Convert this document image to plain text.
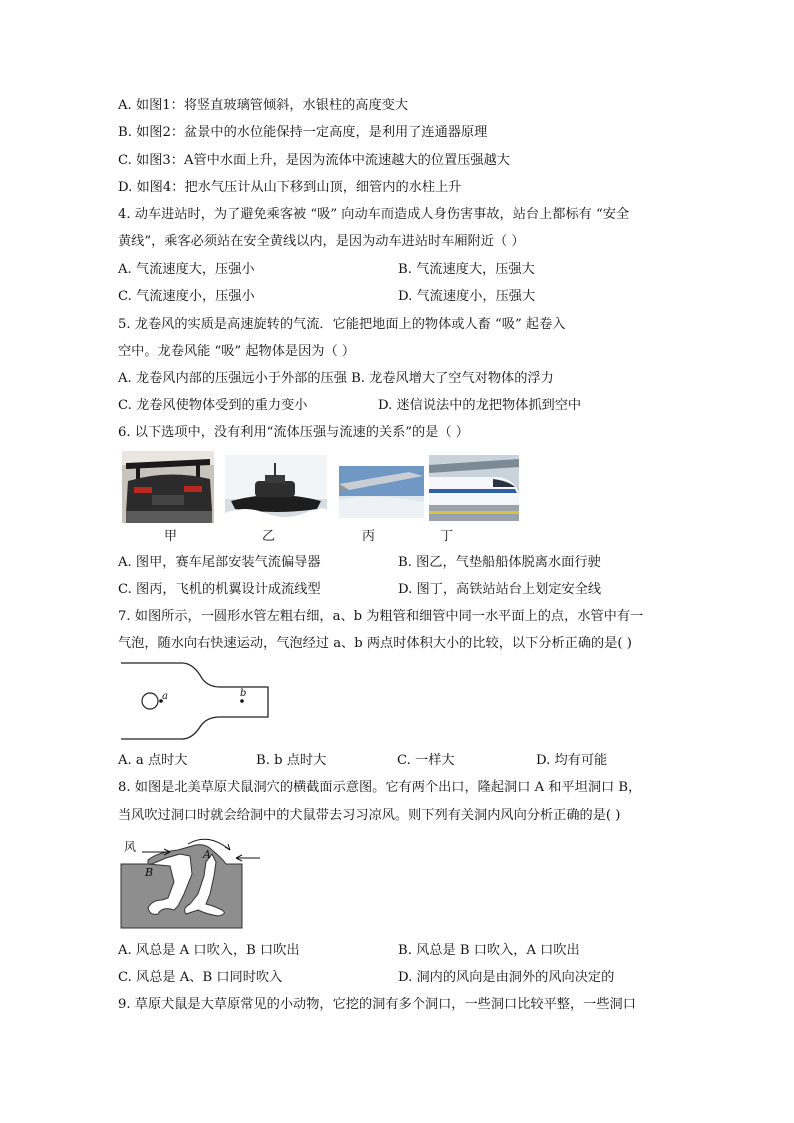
A. 如图1：将竖直玻璃管倾斜，水银柱的高度变大
B. 如图2：盆景中的水位能保持一定高度，是利用了连通器原理
C. 如图3：A管中水面上升，是因为流体中流速越大的位置压强越大
D. 如图4：把水气压计从山下移到山顶，细管内的水柱上升
4. 动车进站时，为了避免乘客被 “吸” 向动车而造成人身伤害事故，站台上都标有 “安全
黄线”，乘客必须站在安全黄线以内，是因为动车进站时车厢附近（ ）
A. 气流速度大，压强小	B. 气流速度大，压强大
C. 气流速度小，压强小	D. 气流速度小，压强大
5. 龙卷风的实质是高速旋转的气流．它能把地面上的物体或人畜 “吸” 起卷入
空中。龙卷风能 “吸” 起物体是因为（ ）
A. 龙卷风内部的压强远小于外部的压强 B. 龙卷风增大了空气对物体的浮力
C. 龙卷风使物体受到的重力变小	D. 迷信说法中的龙把物体抓到空中
6. 以下选项中，没有利用“流体压强与流速的关系”的是（ ）
甲	乙	丙	丁
A. 图甲，赛车尾部安装气流偏导器	B. 图乙，气垫船船体脱离水面行驶
C. 图丙，飞机的机翼设计成流线型	D. 图丁，高铁站站台上划定安全线
7. 如图所示，一圆形水管左粗右细，a、b 为粗管和细管中同一水平面上的点，水管中有一
气泡，随水向右快速运动，气泡经过 a、b 两点时体积大小的比较，以下分析正确的是( )
a	b
A. a 点时大	B. b 点时大	C. 一样大	D. 均有可能
8. 如图是北美草原犬鼠洞穴的横截面示意图。它有两个出口，隆起洞口 A 和平坦洞口 B，
当风吹过洞口时就会给洞中的犬鼠带去习习凉风。则下列有关洞内风向分析正确的是( )
风
A
B
A. 风总是 A 口吹入，B 口吹出	B. 风总是 B 口吹入，A 口吹出
C. 风总是 A、B 口同时吹入	D. 洞内的风向是由洞外的风向决定的
9. 草原犬鼠是大草原常见的小动物，它挖的洞有多个洞口，一些洞口比较平整，一些洞口
